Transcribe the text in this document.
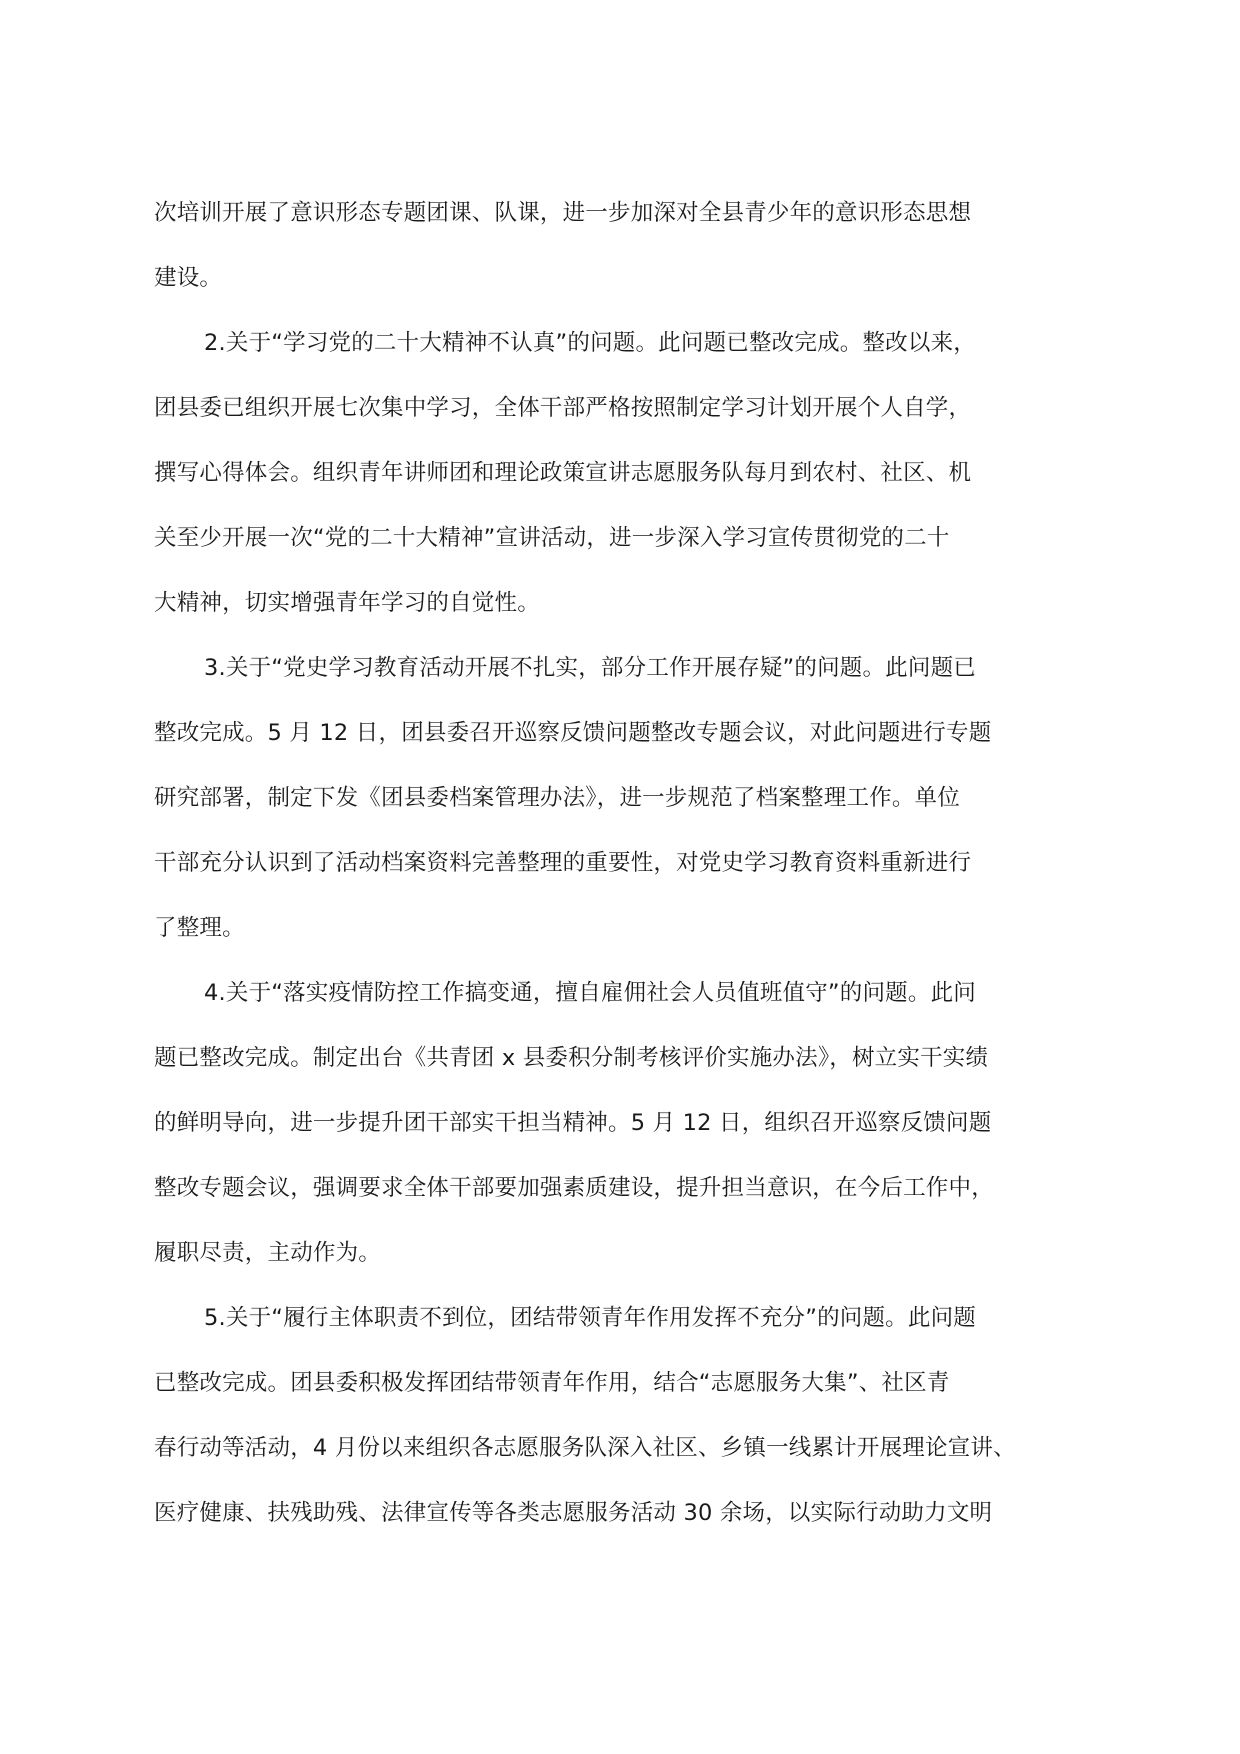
次培训开展了意识形态专题团课、队课，进一步加深对全县青少年的意识形态思想
建设。
2.关于“学习党的二十大精神不认真”的问题。此问题已整改完成。整改以来，
团县委已组织开展七次集中学习，全体干部严格按照制定学习计划开展个人自学，
撰写心得体会。组织青年讲师团和理论政策宣讲志愿服务队每月到农村、社区、机
关至少开展一次“党的二十大精神”宣讲活动，进一步深入学习宣传贯彻党的二十
大精神，切实增强青年学习的自觉性。
3.关于“党史学习教育活动开展不扎实，部分工作开展存疑”的问题。此问题已
整改完成。5 月 12 日，团县委召开巡察反馈问题整改专题会议，对此问题进行专题
研究部署，制定下发《团县委档案管理办法》，进一步规范了档案整理工作。单位
干部充分认识到了活动档案资料完善整理的重要性，对党史学习教育资料重新进行
了整理。
4.关于“落实疫情防控工作搞变通，擅自雇佣社会人员值班值守”的问题。此问
题已整改完成。制定出台《共青团 x 县委积分制考核评价实施办法》，树立实干实绩
的鲜明导向，进一步提升团干部实干担当精神。5 月 12 日，组织召开巡察反馈问题
整改专题会议，强调要求全体干部要加强素质建设，提升担当意识，在今后工作中，
履职尽责，主动作为。
5.关于“履行主体职责不到位，团结带领青年作用发挥不充分”的问题。此问题
已整改完成。团县委积极发挥团结带领青年作用，结合“志愿服务大集”、社区青
春行动等活动，4 月份以来组织各志愿服务队深入社区、乡镇一线累计开展理论宣讲、
医疗健康、扶残助残、法律宣传等各类志愿服务活动 30 余场，以实际行动助力文明
